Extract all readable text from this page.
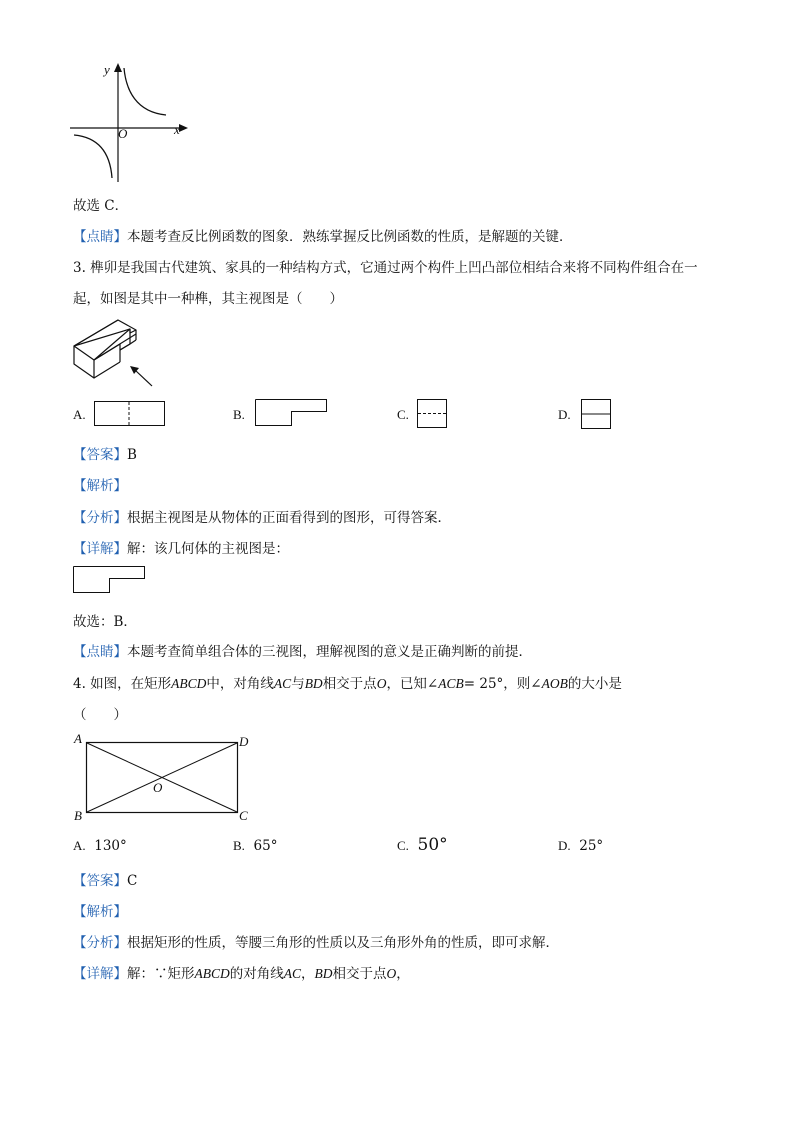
y
x
O
故选 C．
【点睛】本题考查反比例函数的图象．熟练掌握反比例函数的性质，是解题的关键．
3. 榫卯是我国古代建筑、家具的一种结构方式，它通过两个构件上凹凸部位相结合来将不同构件组合在一
起，如图是其中一种榫，其主视图是（　　）
A.	B.	C.	D.
【答案】B
【解析】
【分析】根据主视图是从物体的正面看得到的图形，可得答案．
【详解】解：该几何体的主视图是：
故选：B．
【点睛】本题考查简单组合体的三视图，理解视图的意义是正确判断的前提．
4. 如图，在矩形ABCD中，对角线AC与BD相交于点O，已知∠ACB= 25°，则∠AOB的大小是
（　　）
A	D
B	C
O
A. 130°	B. 65°	C. 50°	D. 25°
【答案】C
【解析】
【分析】根据矩形的性质，等腰三角形的性质以及三角形外角的性质，即可求解．
【详解】解：∵矩形ABCD的对角线AC，BD相交于点O，
